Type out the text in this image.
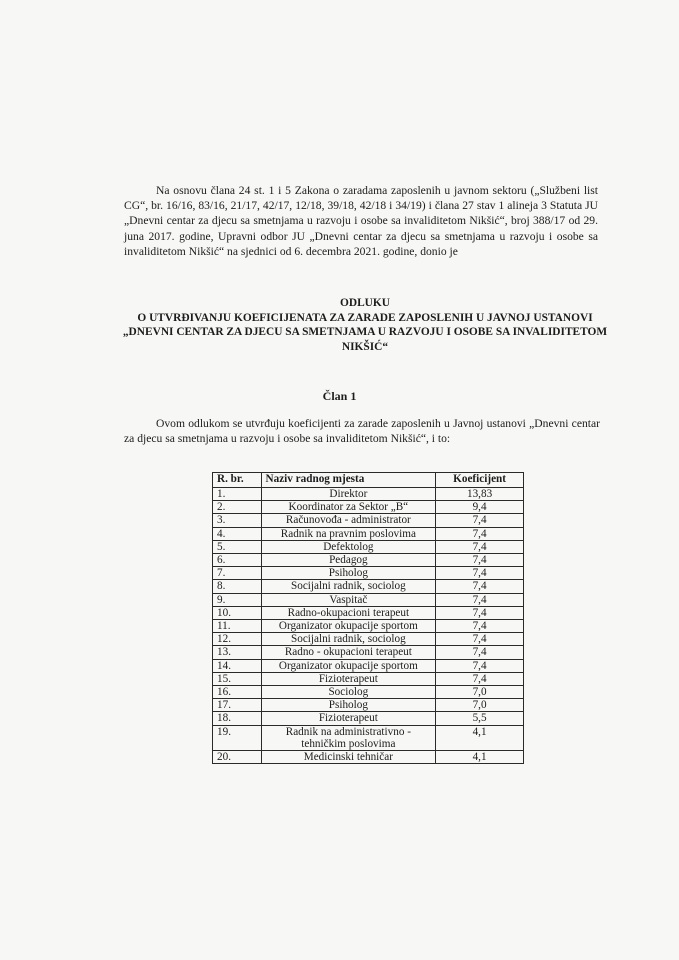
Na osnovu člana 24 st. 1 i 5 Zakona o zaradama zaposlenih u javnom sektoru („Službeni list CG“, br. 16/16, 83/16, 21/17, 42/17, 12/18, 39/18, 42/18 i 34/19) i člana 27 stav 1 alineja 3 Statuta JU „Dnevni centar za djecu sa smetnjama u razvoju i osobe sa invaliditetom Nikšić“, broj 388/17 od 29. juna 2017. godine, Upravni odbor JU „Dnevni centar za djecu sa smetnjama u razvoju i osobe sa invaliditetom Nikšić“ na sjednici od 6. decembra 2021. godine, donio je
ODLUKU
O UTVRĐIVANJU KOEFICIJENATA ZA ZARADE ZAPOSLENIH U JAVNOJ USTANOVI
„DNEVNI CENTAR ZA DJECU SA SMETNJAMA U RAZVOJU I OSOBE SA INVALIDITETOM
NIKŠIĆ“
Član 1
Ovom odlukom se utvrđuju koeficijenti za zarade zaposlenih u Javnoj ustanovi „Dnevni centar za djecu sa smetnjama u razvoju i osobe sa invaliditetom Nikšić“, i to:
R. br.	Naziv radnog mjesta	Koeficijent
1.	Direktor	13,83
2.	Koordinator za Sektor „B“	9,4
3.	Računovođa - administrator	7,4
4.	Radnik na pravnim poslovima	7,4
5.	Defektolog	7,4
6.	Pedagog	7,4
7.	Psiholog	7,4
8.	Socijalni radnik, sociolog	7,4
9.	Vaspitač	7,4
10.	Radno-okupacioni terapeut	7,4
11.	Organizator okupacije sportom	7,4
12.	Socijalni radnik, sociolog	7,4
13.	Radno - okupacioni terapeut	7,4
14.	Organizator okupacije sportom	7,4
15.	Fizioterapeut	7,4
16.	Sociolog	7,0
17.	Psiholog	7,0
18.	Fizioterapeut	5,5
19.	Radnik na administrativno - tehničkim poslovima	4,1
20.	Medicinski tehničar	4,1
